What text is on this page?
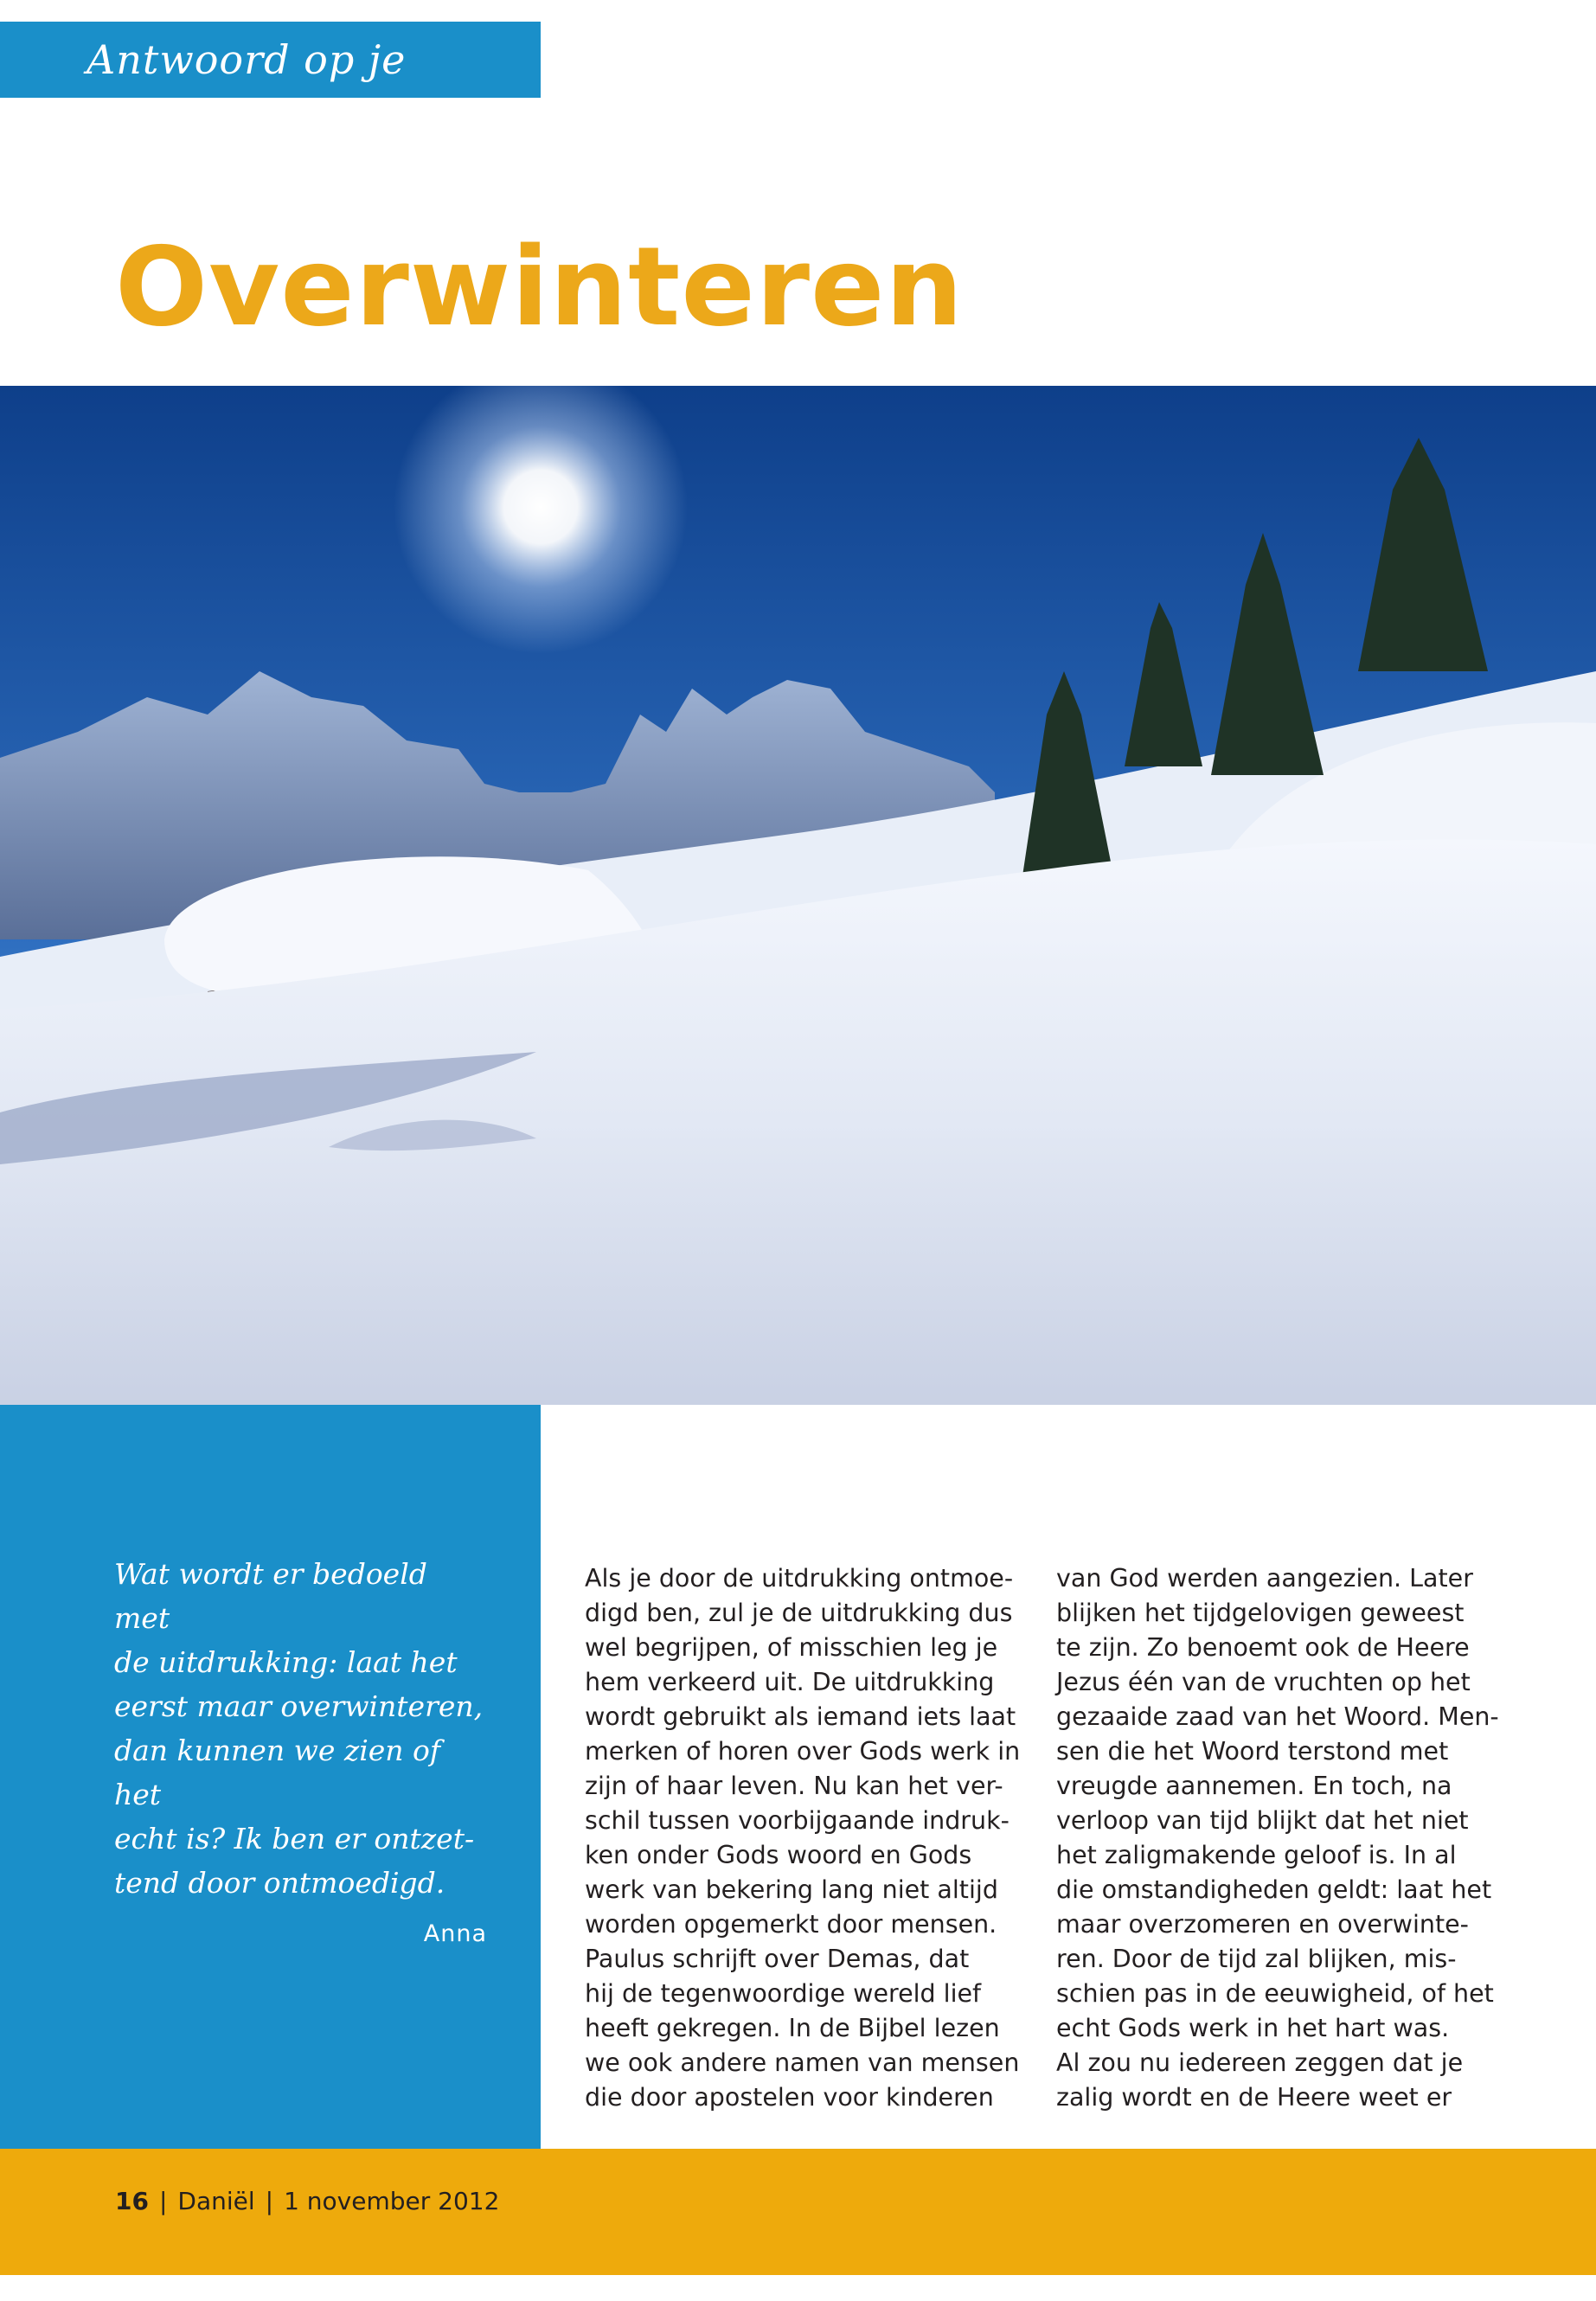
Antwoord op je vragen
Overwinteren

Wat wordt er bedoeld met
de uitdrukking: laat het
eerst maar overwinteren,
dan kunnen we zien of het
echt is? Ik ben er ontzet-
tend door ontmoedigd.

Anna

Als je door de uitdrukking ontmoe-
digd ben, zul je de uitdrukking dus
wel begrijpen, of misschien leg je
hem verkeerd uit. De uitdrukking
wordt gebruikt als iemand iets laat
merken of horen over Gods werk in
zijn of haar leven. Nu kan het ver-
schil tussen voorbijgaande indruk-
ken onder Gods woord en Gods
werk van bekering lang niet altijd
worden opgemerkt door mensen.
Paulus schrijft over Demas, dat
hij de tegenwoordige wereld lief
heeft gekregen. In de Bijbel lezen
we ook andere namen van mensen
die door apostelen voor kinderen

van God werden aangezien. Later
blijken het tijdgelovigen geweest
te zijn. Zo benoemt ook de Heere
Jezus één van de vruchten op het
gezaaide zaad van het Woord. Men-
sen die het Woord terstond met
vreugde aannemen. En toch, na
verloop van tijd blijkt dat het niet
het zaligmakende geloof is. In al
die omstandigheden geldt: laat het
maar overzomeren en overwinte-
ren. Door de tijd zal blijken, mis-
schien pas in de eeuwigheid, of het
echt Gods werk in het hart was.
Al zou nu iedereen zeggen dat je
zalig wordt en de Heere weet er

16 | Daniël | 1 november 2012
